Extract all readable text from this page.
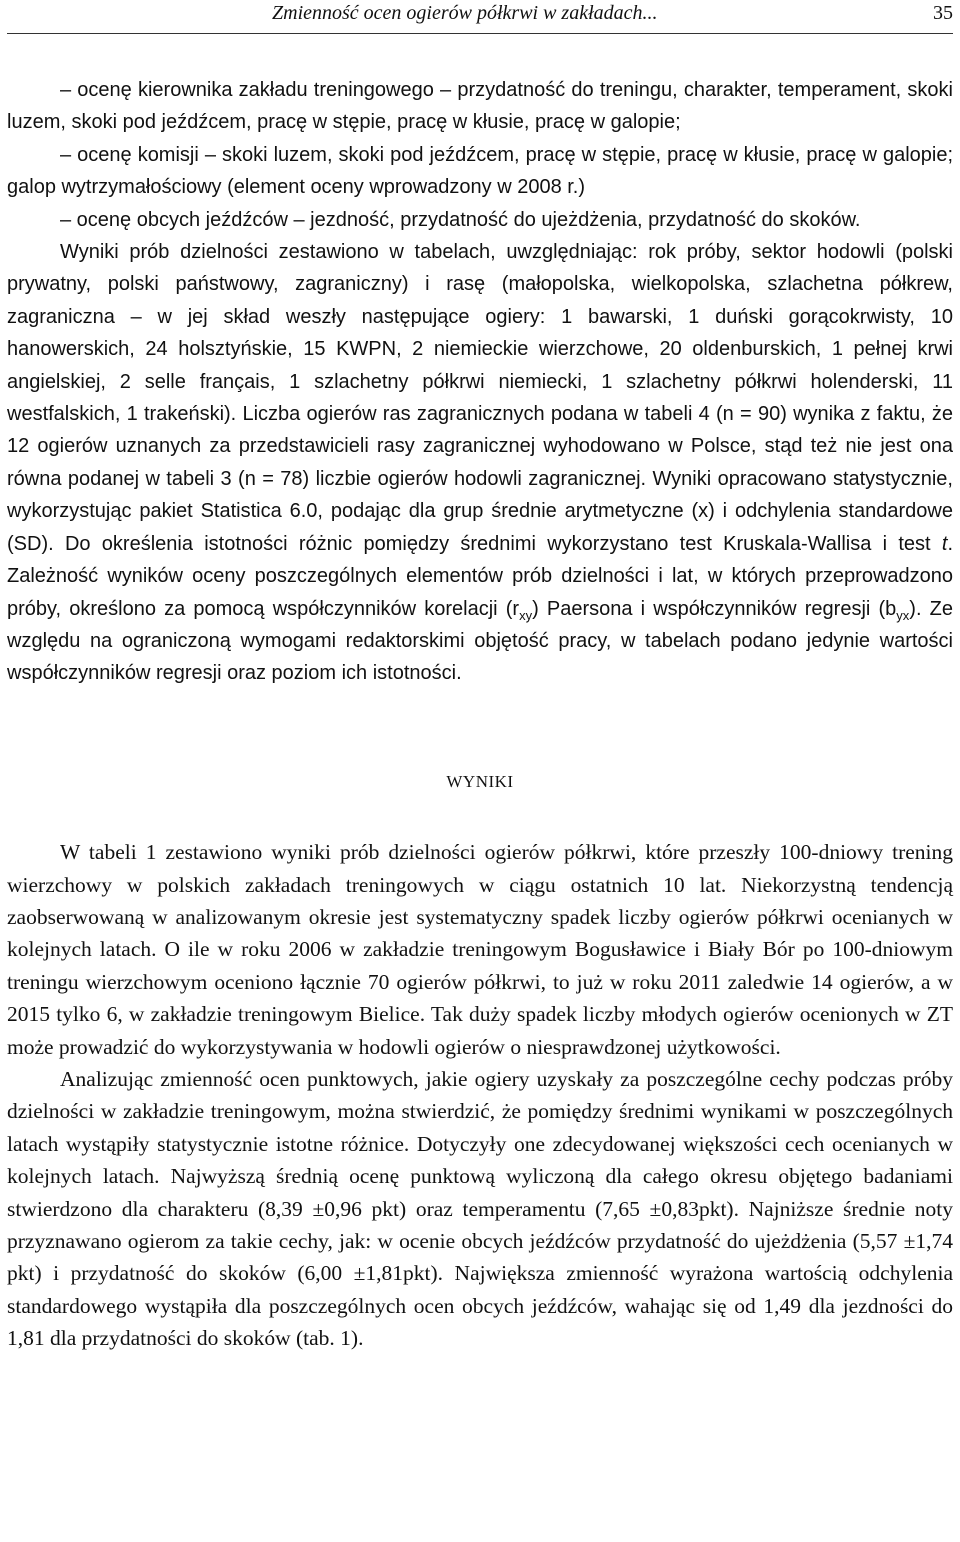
Zmienność ocen ogierów półkrwi w zakładach...	35

– ocenę kierownika zakładu treningowego – przydatność do treningu, charakter, temperament, skoki luzem, skoki pod jeźdźcem, pracę w stępie, pracę w kłusie, pracę w galopie;

– ocenę komisji – skoki luzem, skoki pod jeźdźcem, pracę w stępie, pracę w kłusie, pracę w galopie; galop wytrzymałościowy (element oceny wprowadzony w 2008 r.)

– ocenę obcych jeźdźców – jezdność, przydatność do ujeżdżenia, przydatność do skoków.

Wyniki prób dzielności zestawiono w tabelach, uwzględniając: rok próby, sektor hodowli (polski prywatny, polski państwowy, zagraniczny) i rasę (małopolska, wielkopolska, szlachetna półkrew, zagraniczna – w jej skład weszły następujące ogiery: 1 bawarski, 1 duński gorącokrwisty, 10 hanowerskich, 24 holsztyńskie, 15 KWPN, 2 niemieckie wierzchowe, 20 oldenburskich, 1 pełnej krwi angielskiej, 2 selle français, 1 szlachetny półkrwi niemiecki, 1 szlachetny półkrwi holenderski, 11 westfalskich, 1 trakeński). Liczba ogierów ras zagranicznych podana w tabeli 4 (n = 90) wynika z faktu, że 12 ogierów uznanych za przedstawicieli rasy zagranicznej wyhodowano w Polsce, stąd też nie jest ona równa podanej w tabeli 3 (n = 78) liczbie ogierów hodowli zagranicznej. Wyniki opracowano statystycznie, wykorzystując pakiet Statistica 6.0, podając dla grup średnie arytmetyczne (x) i odchylenia standardowe (SD). Do określenia istotności różnic pomiędzy średnimi wykorzystano test Kruskala-Wallisa i test t. Zależność wyników oceny poszczególnych elementów prób dzielności i lat, w których przeprowadzono próby, określono za pomocą współczynników korelacji $(r_{xy})$ Paersona i współczynników regresji $(b_{yx})$. Ze względu na ograniczoną wymogami redaktorskimi objętość pracy, w tabelach podano jedynie wartości współczynników regresji oraz poziom ich istotności.

WYNIKI

W tabeli 1 zestawiono wyniki prób dzielności ogierów półkrwi, które przeszły 100-dniowy trening wierzchowy w polskich zakładach treningowych w ciągu ostatnich 10 lat. Niekorzystną tendencją zaobserwowaną w analizowanym okresie jest systematyczny spadek liczby ogierów półkrwi ocenianych w kolejnych latach. O ile w roku 2006 w zakładzie treningowym Bogusławice i Biały Bór po 100-dniowym treningu wierzchowym oceniono łącznie 70 ogierów półkrwi, to już w roku 2011 zaledwie 14 ogierów, a w 2015 tylko 6, w zakładzie treningowym Bielice. Tak duży spadek liczby młodych ogierów ocenionych w ZT może prowadzić do wykorzystywania w hodowli ogierów o niesprawdzonej użytkowości.

Analizując zmienność ocen punktowych, jakie ogiery uzyskały za poszczególne cechy podczas próby dzielności w zakładzie treningowym, można stwierdzić, że pomiędzy średnimi wynikami w poszczególnych latach wystąpiły statystycznie istotne różnice. Dotyczyły one zdecydowanej większości cech ocenianych w kolejnych latach. Najwyższą średnią ocenę punktową wyliczoną dla całego okresu objętego badaniami stwierdzono dla charakteru (8,39 ±0,96 pkt) oraz temperamentu (7,65 ±0,83pkt). Najniższe średnie noty przyznawano ogierom za takie cechy, jak: w ocenie obcych jeźdźców przydatność do ujeżdżenia (5,57 ±1,74 pkt) i przydatność do skoków (6,00 ±1,81pkt). Największa zmienność wyrażona wartością odchylenia standardowego wystąpiła dla poszczególnych ocen obcych jeźdźców, wahając się od 1,49 dla jezdności do 1,81 dla przydatności do skoków (tab. 1).
